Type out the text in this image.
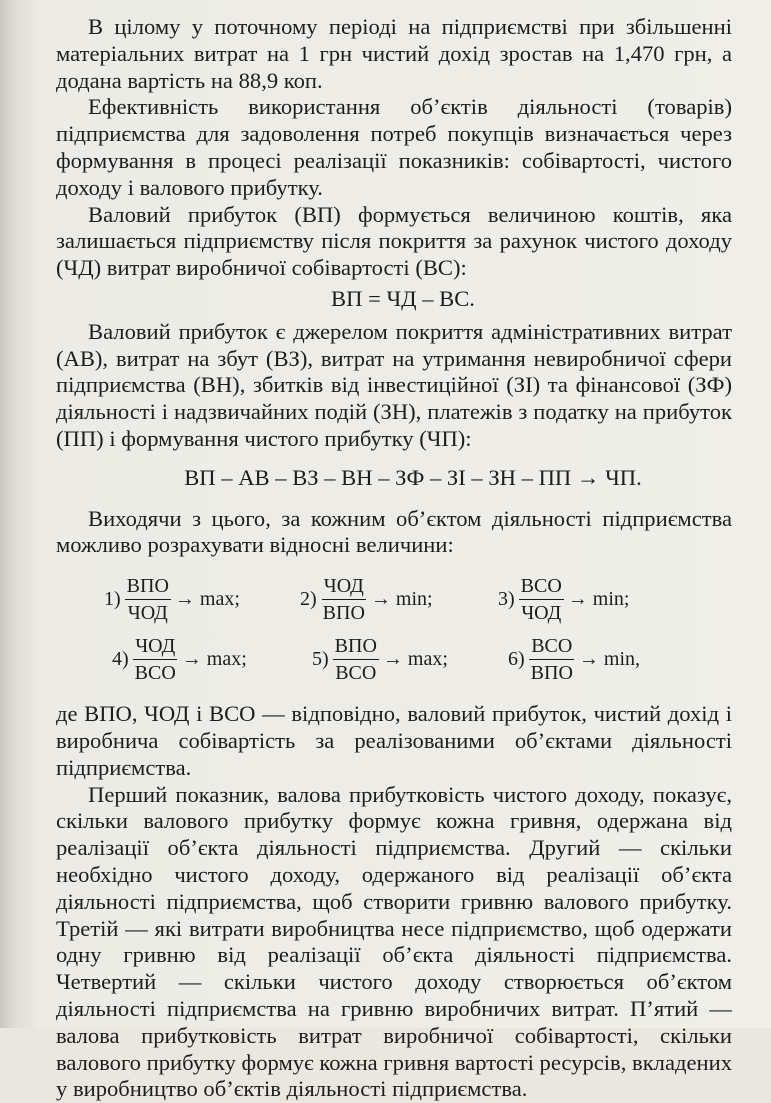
В цілому у поточному періоді на підприємстві при збільшенні матеріальних витрат на 1 грн чистий дохід зростав на 1,470 грн, а додана вартість на 88,9 коп.

Ефективність використання об’єктів діяльності (товарів) підприємства для задоволення потреб покупців визначається через формування в процесі реалізації показників: собівартості, чистого доходу і валового прибутку.

Валовий прибуток (ВП) формується величиною коштів, яка залишається підприємству після покриття за рахунок чистого доходу (ЧД) витрат виробничої собівартості (ВС):

ВП = ЧД – ВС.

Валовий прибуток є джерелом покриття адміністративних витрат (АВ), витрат на збут (ВЗ), витрат на утримання невиробничої сфери підприємства (ВН), збитків від інвестиційної (ЗІ) та фінансової (ЗФ) діяльності і надзвичайних подій (ЗН), платежів з податку на прибуток (ПП) і формування чистого прибутку (ЧП):

ВП – АВ – ВЗ – ВН – ЗФ – ЗІ – ЗН – ПП → ЧП.

Виходячи з цього, за кожним об’єктом діяльності підприємства можливо розрахувати відносні величини:

$1) \frac{\text{ВПО}}{\text{ЧОД}} \to \max$;	$2) \frac{\text{ЧОД}}{\text{ВПО}} \to \min$;	$3) \frac{\text{ВСО}}{\text{ЧОД}} \to \min$;
$4) \frac{\text{ЧОД}}{\text{ВСО}} \to \max$;	$5) \frac{\text{ВПО}}{\text{ВСО}} \to \max$;	$6) \frac{\text{ВСО}}{\text{ВПО}} \to \min$,

де ВПО, ЧОД і ВСО — відповідно, валовий прибуток, чистий дохід і виробнича собівартість за реалізованими об’єктами діяльності підприємства.

Перший показник, валова прибутковість чистого доходу, показує, скільки валового прибутку формує кожна гривня, одержана від реалізації об’єкта діяльності підприємства. Другий — скільки необхідно чистого доходу, одержаного від реалізації об’єкта діяльності підприємства, щоб створити гривню валового прибутку. Третій — які витрати виробництва несе підприємство, щоб одержати одну гривню від реалізації об’єкта діяльності підприємства. Четвертий — скільки чистого доходу створюється об’єктом діяльності підприємства на гривню виробничих витрат. П’ятий — валова прибутковість витрат виробничої собівартості, скільки валового прибутку формує кожна гривня вартості ресурсів, вкладених у виробництво об’єктів діяльності підприємства.
